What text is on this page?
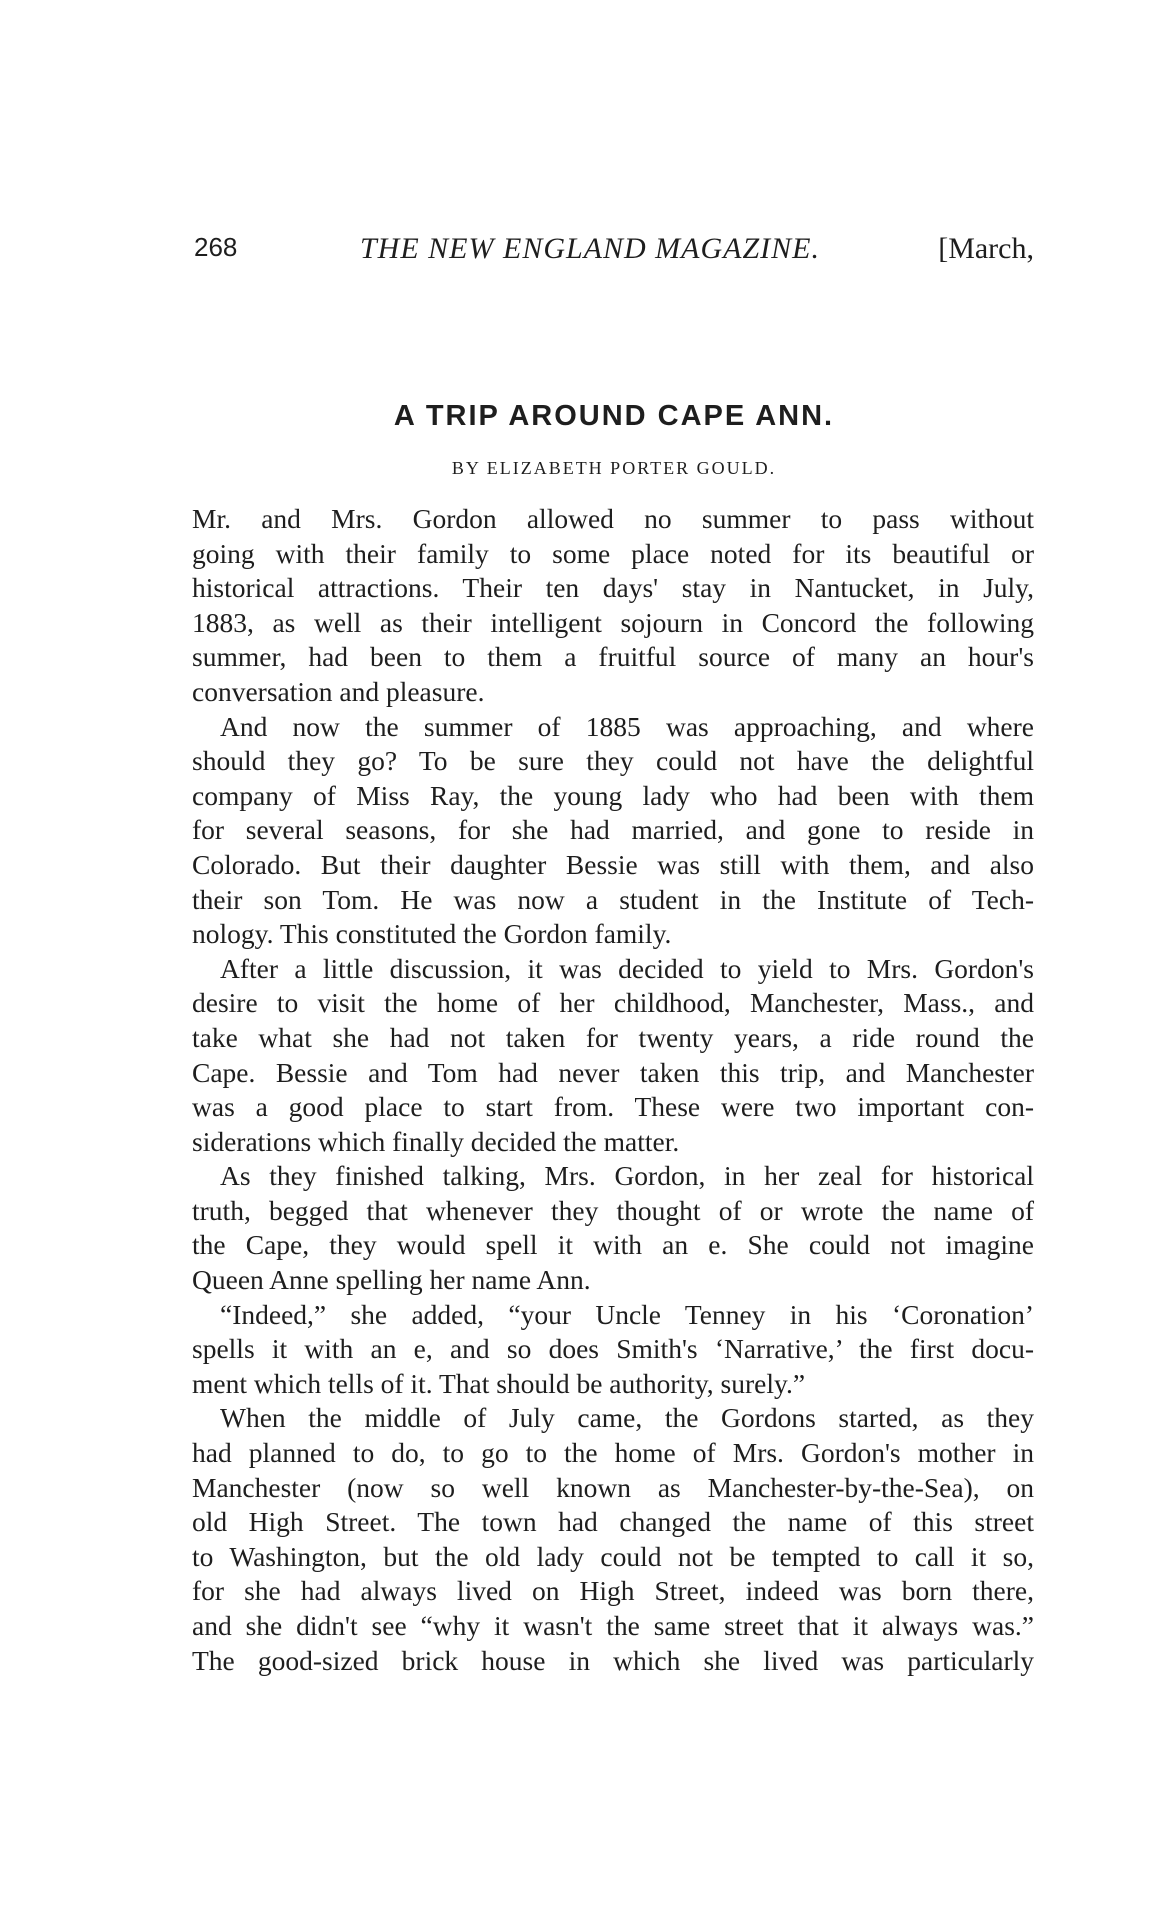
268	THE NEW ENGLAND MAGAZINE.	[March,
A TRIP AROUND CAPE ANN.
BY ELIZABETH PORTER GOULD.
Mr. and Mrs. Gordon allowed no summer to pass without
going with their family to some place noted for its beautiful or
historical attractions. Their ten days' stay in Nantucket, in July,
1883, as well as their intelligent sojourn in Concord the following
summer, had been to them a fruitful source of many an hour's
conversation and pleasure.
And now the summer of 1885 was approaching, and where
should they go? To be sure they could not have the delightful
company of Miss Ray, the young lady who had been with them
for several seasons, for she had married, and gone to reside in
Colorado. But their daughter Bessie was still with them, and also
their son Tom. He was now a student in the Institute of Tech-
nology. This constituted the Gordon family.
After a little discussion, it was decided to yield to Mrs. Gordon's
desire to visit the home of her childhood, Manchester, Mass., and
take what she had not taken for twenty years, a ride round the
Cape. Bessie and Tom had never taken this trip, and Manchester
was a good place to start from. These were two important con-
siderations which finally decided the matter.
As they finished talking, Mrs. Gordon, in her zeal for historical
truth, begged that whenever they thought of or wrote the name of
the Cape, they would spell it with an e. She could not imagine
Queen Anne spelling her name Ann.
“Indeed,” she added, “your Uncle Tenney in his ‘Coronation’
spells it with an e, and so does Smith's ‘Narrative,’ the first docu-
ment which tells of it. That should be authority, surely.”
When the middle of July came, the Gordons started, as they
had planned to do, to go to the home of Mrs. Gordon's mother in
Manchester (now so well known as Manchester-by-the-Sea), on
old High Street. The town had changed the name of this street
to Washington, but the old lady could not be tempted to call it so,
for she had always lived on High Street, indeed was born there,
and she didn't see “why it wasn't the same street that it always was.”
The good-sized brick house in which she lived was particularly
